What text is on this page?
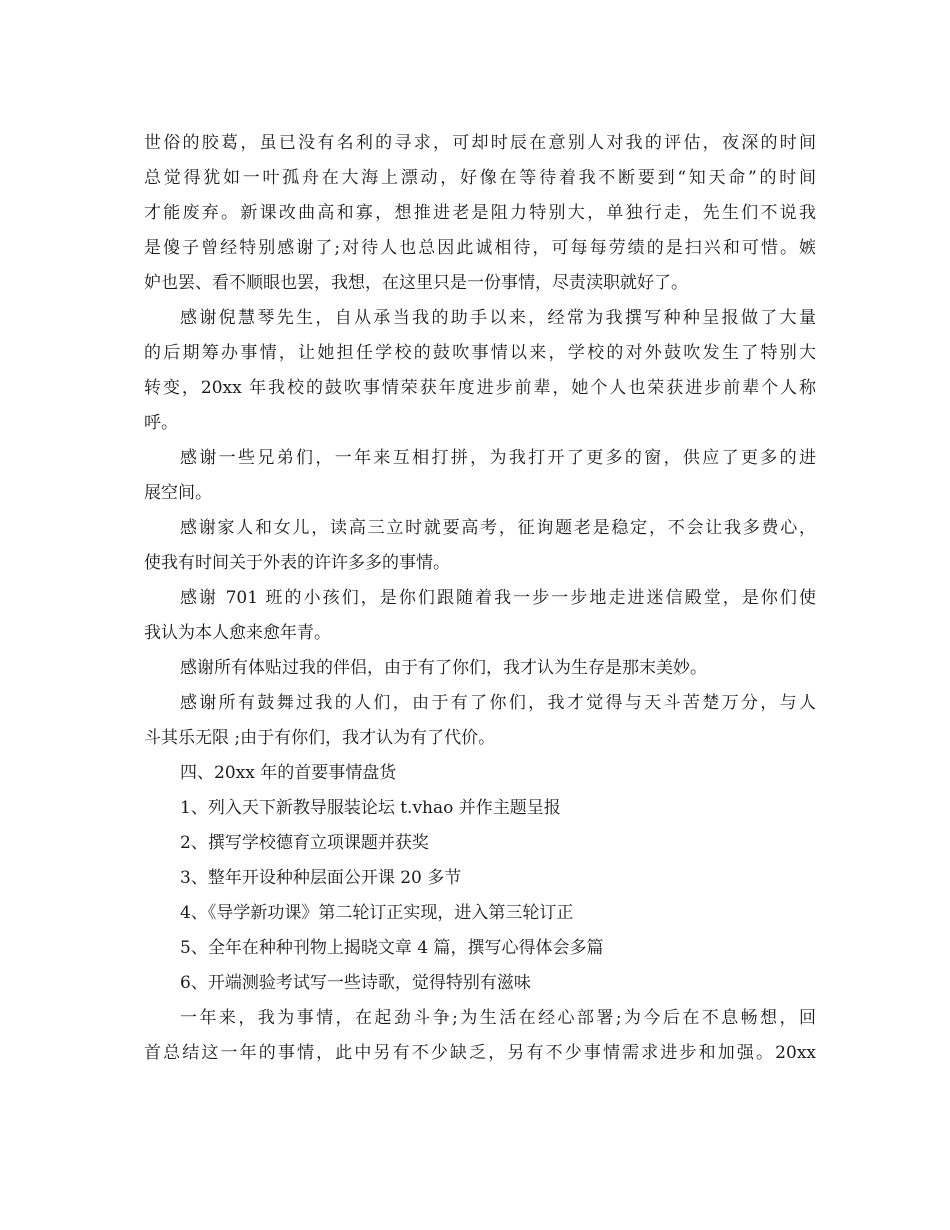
世俗的胶葛，虽已没有名利的寻求，可却时辰在意别人对我的评估，夜深的时间
总觉得犹如一叶孤舟在大海上漂动，好像在等待着我不断要到“知天命”的时间
才能废弃。新课改曲高和寡，想推进老是阻力特别大，单独行走，先生们不说我
是傻子曾经特别感谢了;对待人也总因此诚相待，可每每劳绩的是扫兴和可惜。嫉
妒也罢、看不顺眼也罢，我想，在这里只是一份事情，尽责渎职就好了。
感谢倪慧琴先生，自从承当我的助手以来，经常为我撰写种种呈报做了大量
的后期筹办事情，让她担任学校的鼓吹事情以来，学校的对外鼓吹发生了特别大
转变，20xx 年我校的鼓吹事情荣获年度进步前辈，她个人也荣获进步前辈个人称
呼。
感谢一些兄弟们，一年来互相打拼，为我打开了更多的窗，供应了更多的进
展空间。
感谢家人和女儿，读高三立时就要高考，征询题老是稳定，不会让我多费心，
使我有时间关于外表的许许多多的事情。
感谢 701 班的小孩们，是你们跟随着我一步一步地走进迷信殿堂，是你们使
我认为本人愈来愈年青。
感谢所有体贴过我的伴侣，由于有了你们，我才认为生存是那末美妙。
感谢所有鼓舞过我的人们，由于有了你们，我才觉得与天斗苦楚万分，与人
斗其乐无限 ;由于有你们，我才认为有了代价。
四、20xx 年的首要事情盘货
1、列入天下新教导服装论坛 t.vhao 并作主题呈报
2、撰写学校德育立项课题并获奖
3、整年开设种种层面公开课 20 多节
4、《导学新功课》第二轮订正实现，进入第三轮订正
5、全年在种种刊物上揭晓文章 4 篇，撰写心得体会多篇
6、开端测验考试写一些诗歌，觉得特别有滋味
一年来，我为事情，在起劲斗争;为生活在经心部署;为今后在不息畅想，回
首总结这一年的事情，此中另有不少缺乏，另有不少事情需求进步和加强。20xx
